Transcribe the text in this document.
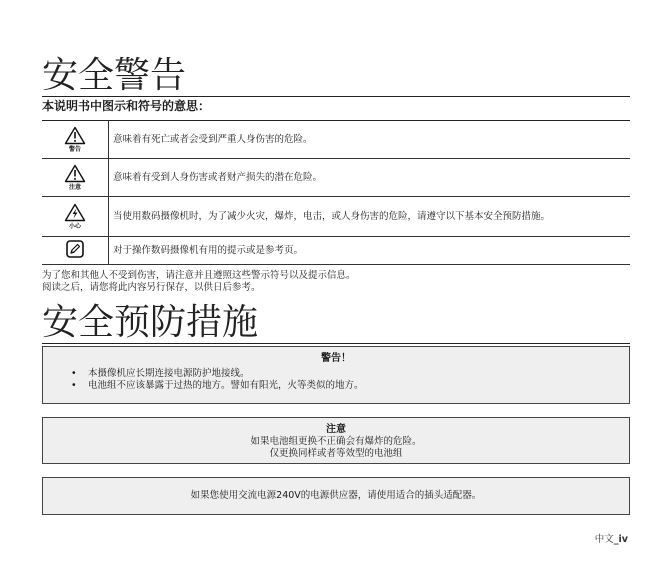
安全警告

本说明书中图示和符号的意思：

警告	意味着有死亡或者会受到严重人身伤害的危险。

注意	意味着有受到人身伤害或者财产损失的潜在危险。

小心	当使用数码摄像机时，为了减少火灾，爆炸，电击，或人身伤害的危险，请遵守以下基本安全预防措施。

	对于操作数码摄像机有用的提示或是参考页。

为了您和其他人不受到伤害，请注意并且遵照这些警示符号以及提示信息。

阅读之后，请您将此内容另行保存，以供日后参考。

安全预防措施
警告！
• 本摄像机应长期连接电源防护地接线。
• 电池组不应该暴露于过热的地方。譬如有阳光，火等类似的地方。
注意
如果电池组更换不正确会有爆炸的危险。
仅更换同样或者等效型的电池组
如果您使用交流电源240V的电源供应器，请使用适合的插头适配器。
中文_iv
